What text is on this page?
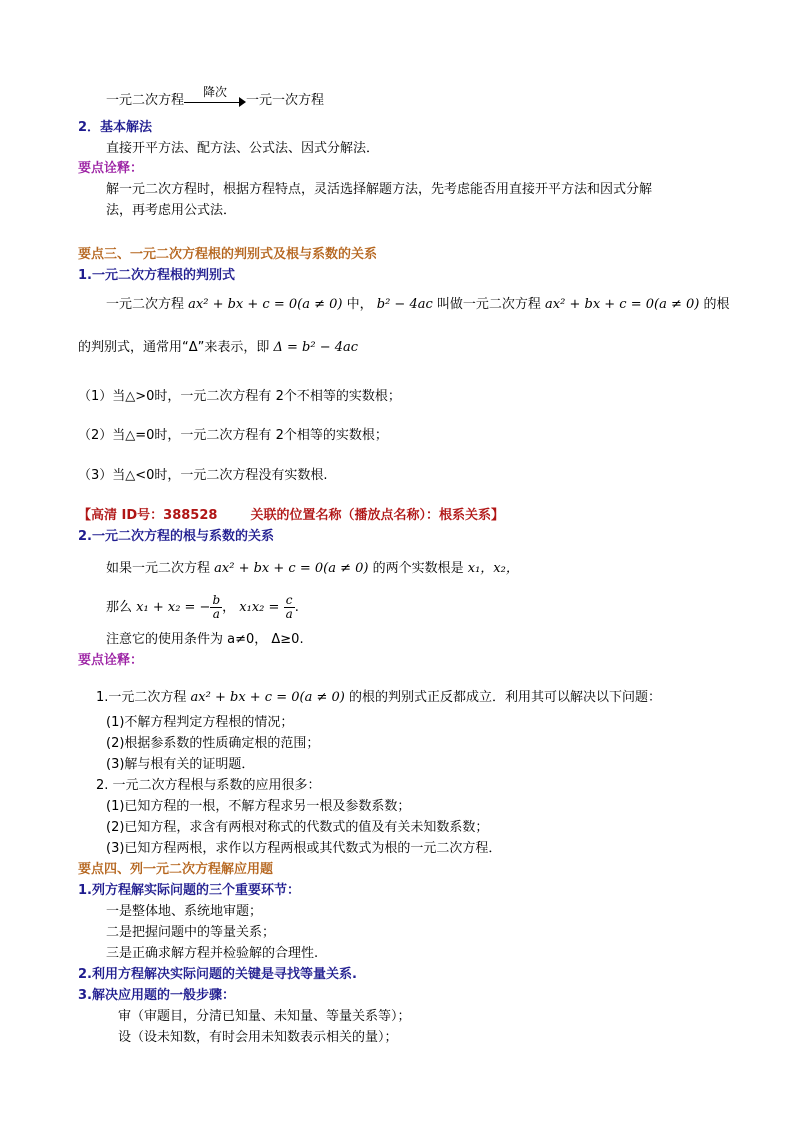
一元二次方程
降次
一元一次方程
2．基本解法
直接开平方法、配方法、公式法、因式分解法．
要点诠释：
解一元二次方程时，根据方程特点，灵活选择解题方法，先考虑能否用直接开平方法和因式分解
法，再考虑用公式法．
要点三、一元二次方程根的判别式及根与系数的关系
1.一元二次方程根的判别式
一元二次方程 ax² + bx + c = 0(a ≠ 0) 中， b² − 4ac 叫做一元二次方程 ax² + bx + c = 0(a ≠ 0) 的根
的判别式，通常用“Δ”来表示，即 Δ = b² − 4ac
（1）当△>0时，一元二次方程有 2个不相等的实数根；
（2）当△=0时，一元二次方程有 2个相等的实数根；
（3）当△<0时，一元二次方程没有实数根.
【高清 ID号：388528	关联的位置名称（播放点名称）：根系关系】
2.一元二次方程的根与系数的关系
如果一元二次方程 ax² + bx + c = 0(a ≠ 0) 的两个实数根是 x₁，x₂，
那么 x₁ + x₂ = − $\frac{b}{a}$ ， $x_1x_2 = \frac{c}{a}$ .
注意它的使用条件为 a≠0， Δ≥0.
要点诠释：
1.一元二次方程 ax² + bx + c = 0(a ≠ 0) 的根的判别式正反都成立．利用其可以解决以下问题：
(1)不解方程判定方程根的情况；
(2)根据参系数的性质确定根的范围；
(3)解与根有关的证明题．
2. 一元二次方程根与系数的应用很多：
(1)已知方程的一根，不解方程求另一根及参数系数；
(2)已知方程，求含有两根对称式的代数式的值及有关未知数系数；
(3)已知方程两根，求作以方程两根或其代数式为根的一元二次方程．
要点四、列一元二次方程解应用题
1.列方程解实际问题的三个重要环节：
一是整体地、系统地审题；
二是把握问题中的等量关系；
三是正确求解方程并检验解的合理性.
2.利用方程解决实际问题的关键是寻找等量关系.
3.解决应用题的一般步骤：
审（审题目，分清已知量、未知量、等量关系等）；
设（设未知数，有时会用未知数表示相关的量）；
